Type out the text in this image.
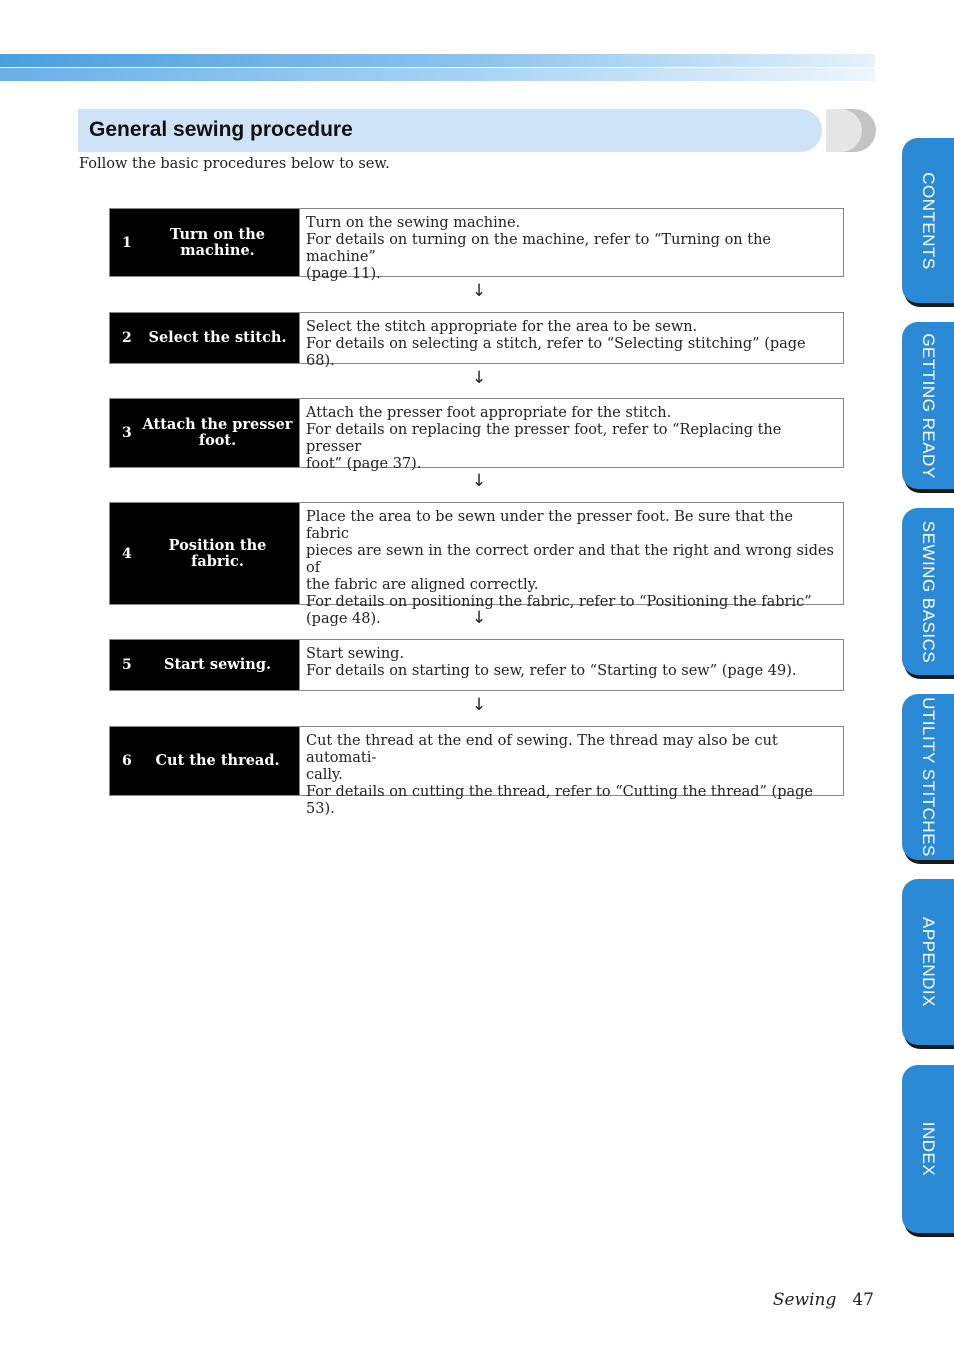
General sewing procedure
Follow the basic procedures below to sew.
1	Turn on the
machine.
Turn on the sewing machine.
For details on turning on the machine, refer to “Turning on the machine”
(page 11).
↓
2	Select the stitch.
Select the stitch appropriate for the area to be sewn.
For details on selecting a stitch, refer to “Selecting stitching” (page 68).
↓
3 Attach the presser
foot.
Attach the presser foot appropriate for the stitch.
For details on replacing the presser foot, refer to “Replacing the presser
foot” (page 37).
↓
4	Position the fabric.
Place the area to be sewn under the presser foot. Be sure that the fabric
pieces are sewn in the correct order and that the right and wrong sides of
the fabric are aligned correctly.
For details on positioning the fabric, refer to “Positioning the fabric”
(page 48).	↓
5	Start sewing.
Start sewing.
For details on starting to sew, refer to “Starting to sew” (page 49).
↓
6	Cut the thread.
Cut the thread at the end of sewing. The thread may also be cut automati-
cally.
For details on cutting the thread, refer to “Cutting the thread” (page 53).
CONTENTS
GETTING READY
SEWING BASICS
UTILITY STITCHES
APPENDIX
INDEX
Sewing 47
